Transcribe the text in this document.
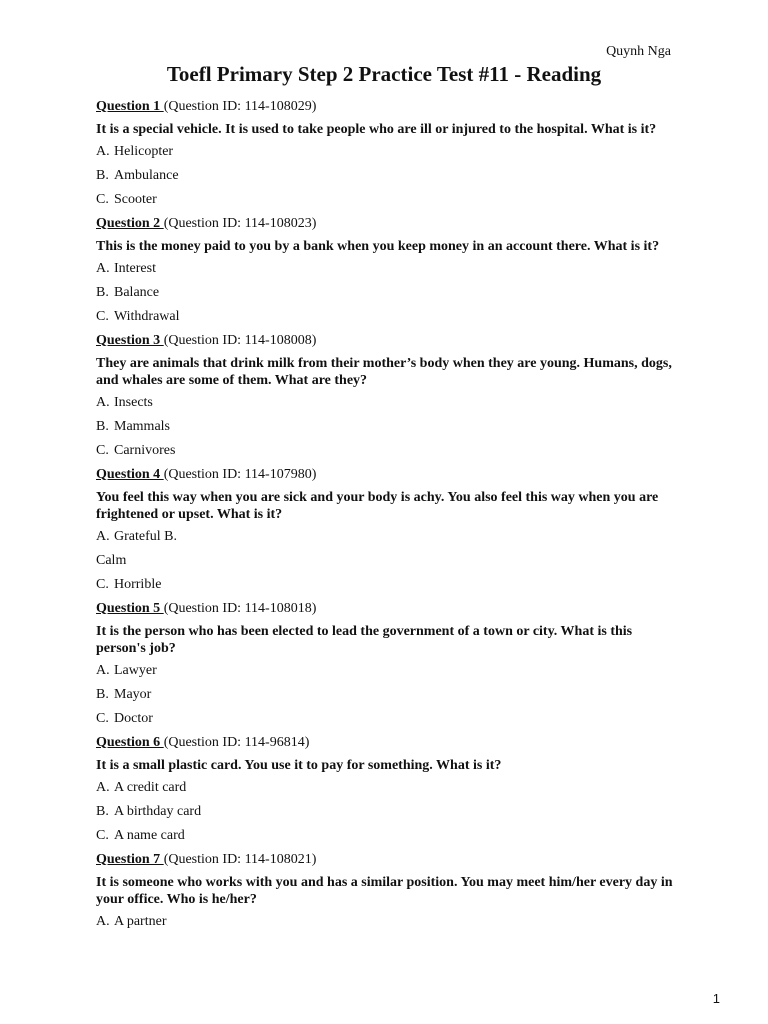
Quynh Nga
Toefl Primary Step 2 Practice Test #11 - Reading
Question 1 (Question ID: 114-108029)
It is a special vehicle. It is used to take people who are ill or injured to the hospital. What is it?
A. Helicopter
B. Ambulance
C. Scooter
Question 2 (Question ID: 114-108023)
This is the money paid to you by a bank when you keep money in an account there. What is it?
A. Interest
B. Balance
C. Withdrawal
Question 3 (Question ID: 114-108008)
They are animals that drink milk from their mother’s body when they are young. Humans, dogs, and whales are some of them. What are they?
A. Insects
B. Mammals
C. Carnivores
Question 4 (Question ID: 114-107980)
You feel this way when you are sick and your body is achy. You also feel this way when you are frightened or upset. What is it?
A. Grateful B.
Calm
C. Horrible
Question 5 (Question ID: 114-108018)
It is the person who has been elected to lead the government of a town or city. What is this person's job?
A. Lawyer
B. Mayor
C. Doctor
Question 6 (Question ID: 114-96814)
It is a small plastic card. You use it to pay for something. What is it?
A. A credit card
B. A birthday card
C. A name card
Question 7 (Question ID: 114-108021)
It is someone who works with you and has a similar position. You may meet him/her every day in your office. Who is he/her?
A. A partner
1
